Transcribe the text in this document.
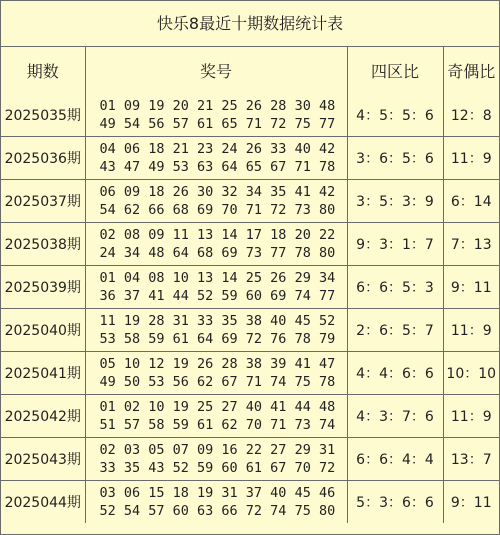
快乐8最近十期数据统计表
期数	奖号	四区比	奇偶比
2025035期	01 09 19 20 21 25 26 28 30 48
49 54 56 57 61 65 71 72 75 77	4：5：5：6	12：8
2025036期	04 06 18 21 23 24 26 33 40 42
43 47 49 53 63 64 65 67 71 78	3：6：5：6	11：9
2025037期	06 09 18 26 30 32 34 35 41 42
54 62 66 68 69 70 71 72 73 80	3：5：3：9	6：14
2025038期	02 08 09 11 13 14 17 18 20 22
24 34 48 64 68 69 73 77 78 80	9：3：1：7	7：13
2025039期	01 04 08 10 13 14 25 26 29 34
36 37 41 44 52 59 60 69 74 77	6：6：5：3	9：11
2025040期	11 19 28 31 33 35 38 40 45 52
53 58 59 61 64 69 72 76 78 79	2：6：5：7	11：9
2025041期	05 10 12 19 26 28 38 39 41 47
49 50 53 56 62 67 71 74 75 78	4：4：6：6	10：10
2025042期	01 02 10 19 25 27 40 41 44 48
51 57 58 59 61 62 70 71 73 74	4：3：7：6	11：9
2025043期	02 03 05 07 09 16 22 27 29 31
33 35 43 52 59 60 61 67 70 72	6：6：4：4	13：7
2025044期	03 06 15 18 19 31 37 40 45 46
52 54 57 60 63 66 72 74 75 80	5：3：6：6	9：11
